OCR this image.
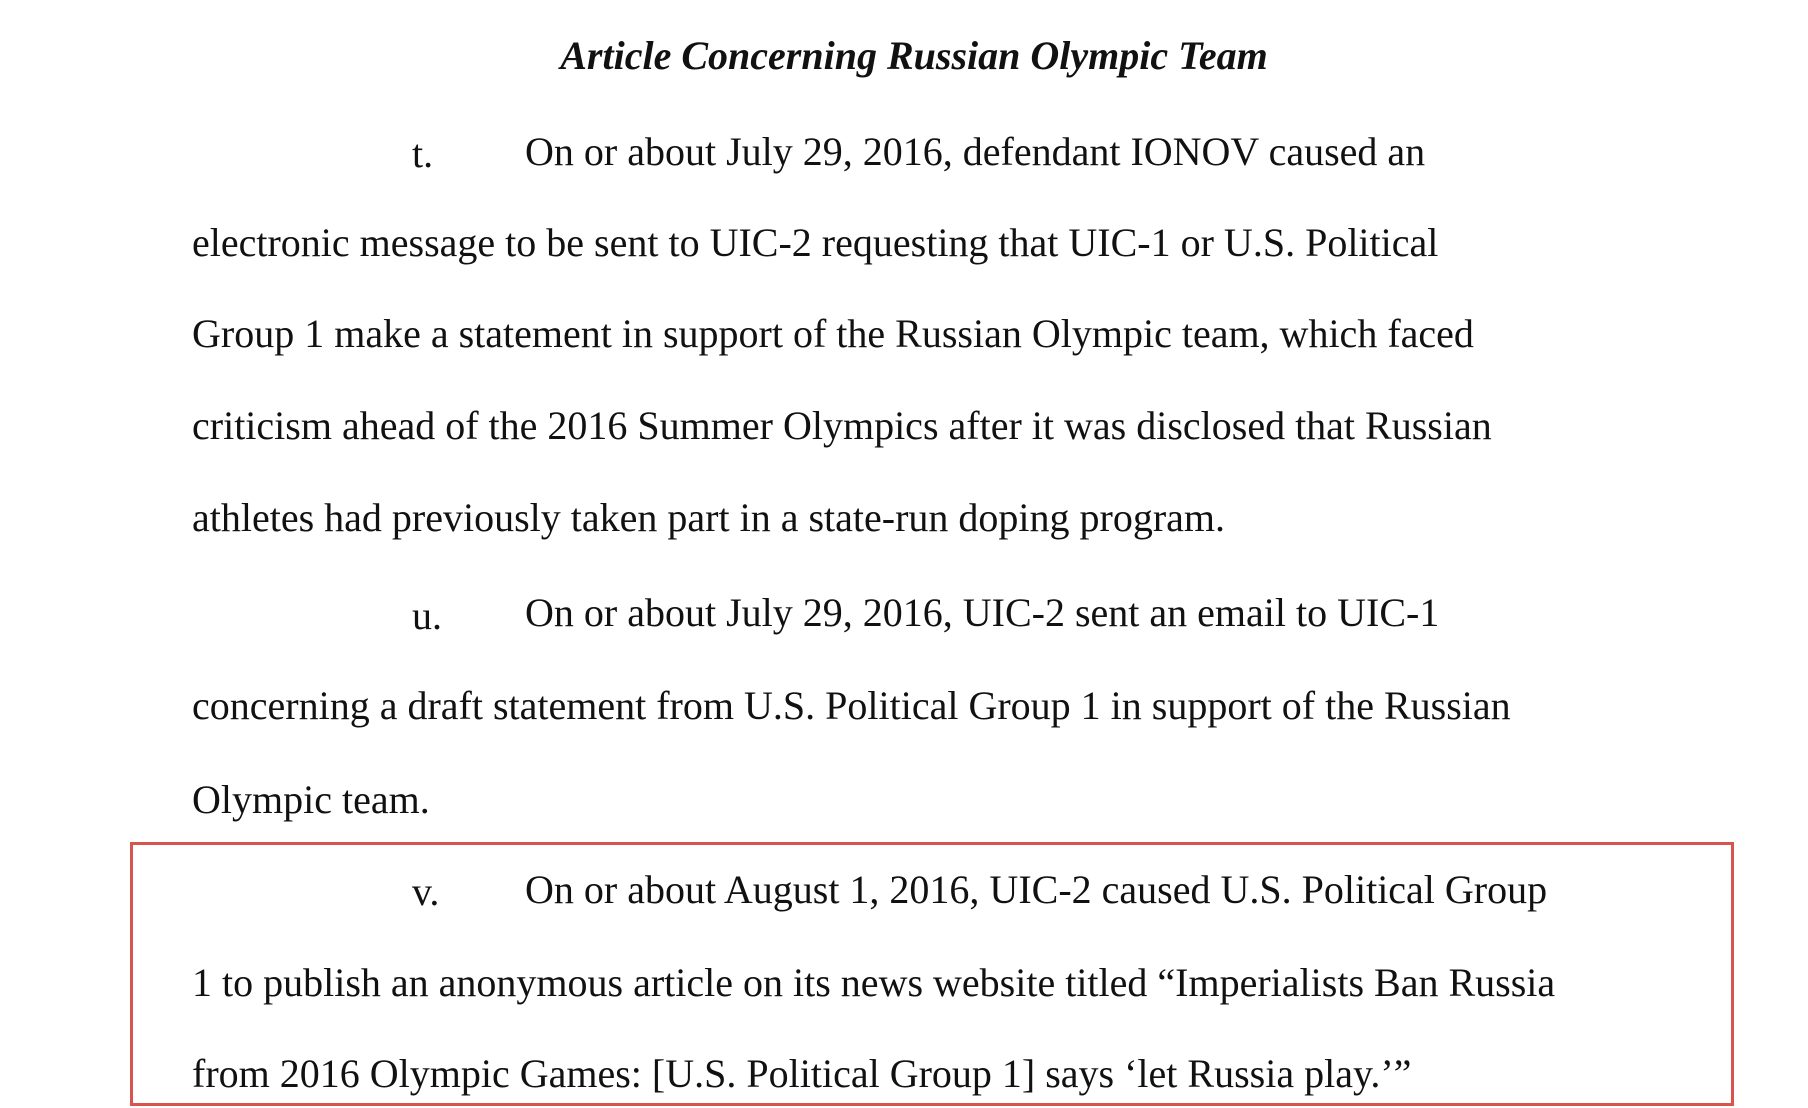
Article Concerning Russian Olympic Team
t. On or about July 29, 2016, defendant IONOV caused an
electronic message to be sent to UIC-2 requesting that UIC-1 or U.S. Political
Group 1 make a statement in support of the Russian Olympic team, which faced
criticism ahead of the 2016 Summer Olympics after it was disclosed that Russian
athletes had previously taken part in a state-run doping program.
u. On or about July 29, 2016, UIC-2 sent an email to UIC-1
concerning a draft statement from U.S. Political Group 1 in support of the Russian
Olympic team.
v. On or about August 1, 2016, UIC-2 caused U.S. Political Group
1 to publish an anonymous article on its news website titled “Imperialists Ban Russia
from 2016 Olympic Games: [U.S. Political Group 1] says ‘let Russia play.’”
